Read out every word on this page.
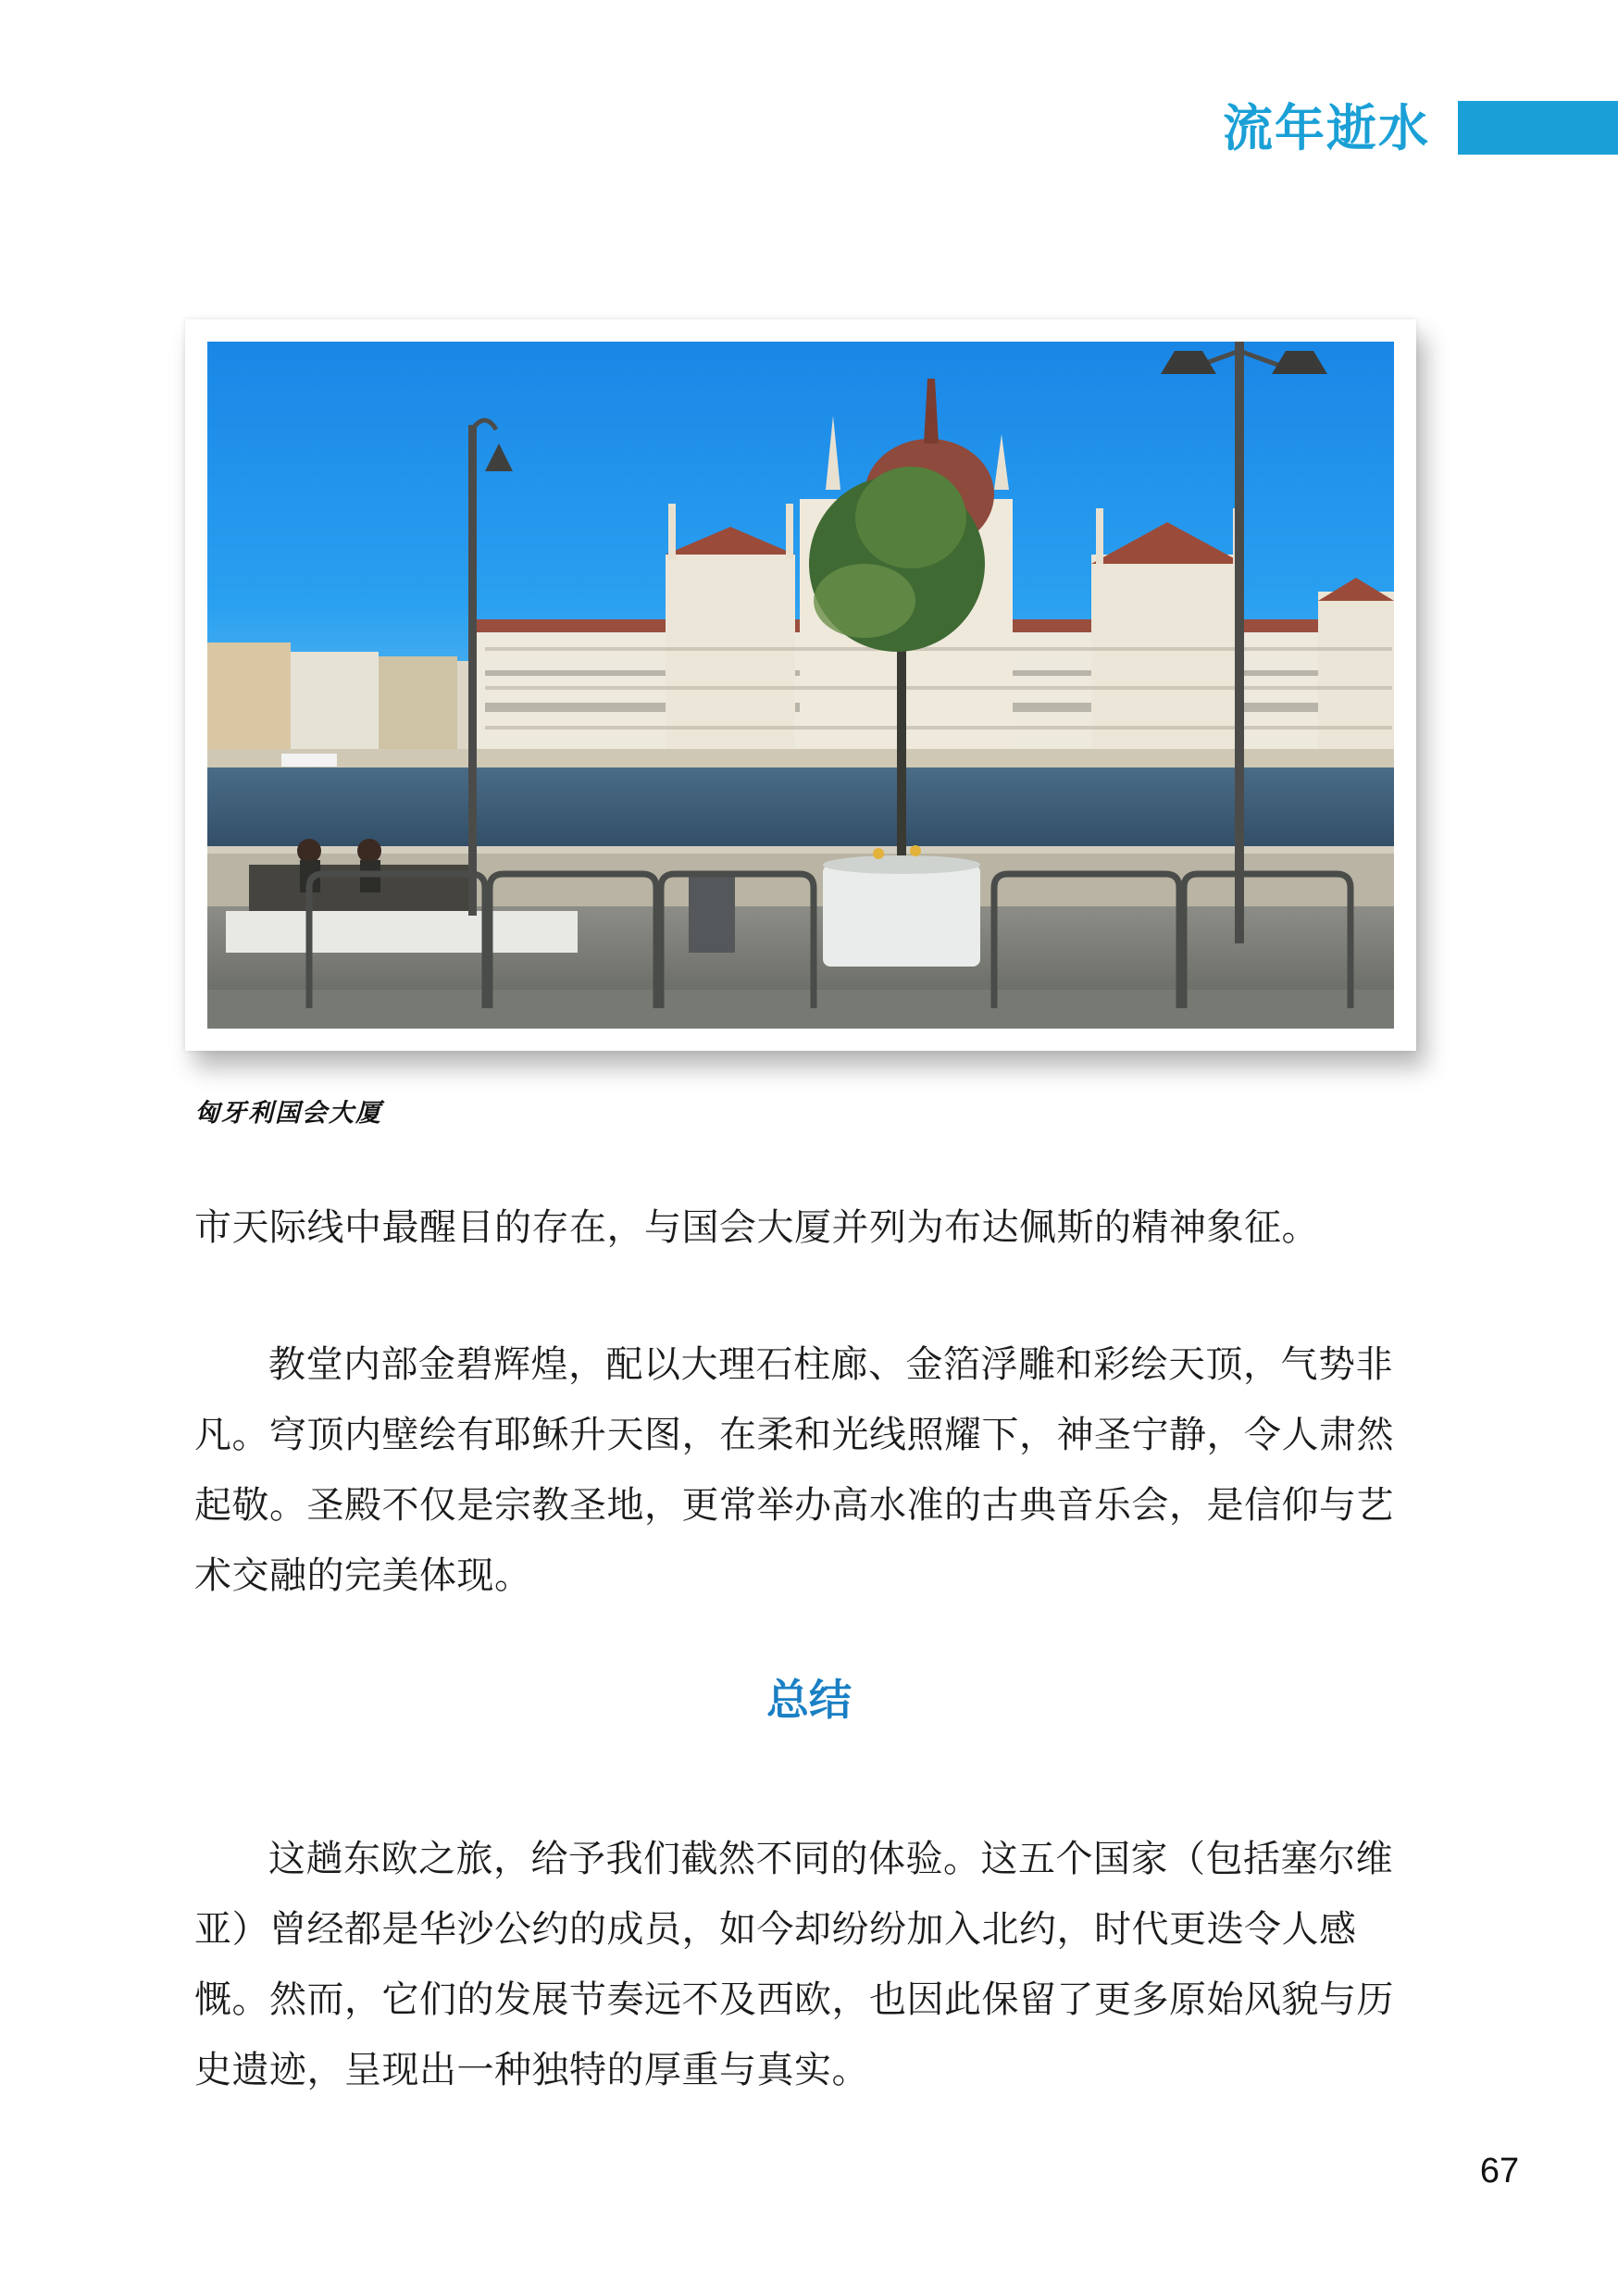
流年逝水
匈牙利国会大厦

市天际线中最醒目的存在，与国会大厦并列为布达佩斯的精神象征。

教堂内部金碧辉煌，配以大理石柱廊、金箔浮雕和彩绘天顶，气势非凡。穹顶内壁绘有耶稣升天图，在柔和光线照耀下，神圣宁静，令人肃然起敬。圣殿不仅是宗教圣地，更常举办高水准的古典音乐会，是信仰与艺术交融的完美体现。

总结

这趟东欧之旅，给予我们截然不同的体验。这五个国家（包括塞尔维亚）曾经都是华沙公约的成员，如今却纷纷加入北约，时代更迭令人感慨。然而，它们的发展节奏远不及西欧，也因此保留了更多原始风貌与历史遗迹，呈现出一种独特的厚重与真实。

67
